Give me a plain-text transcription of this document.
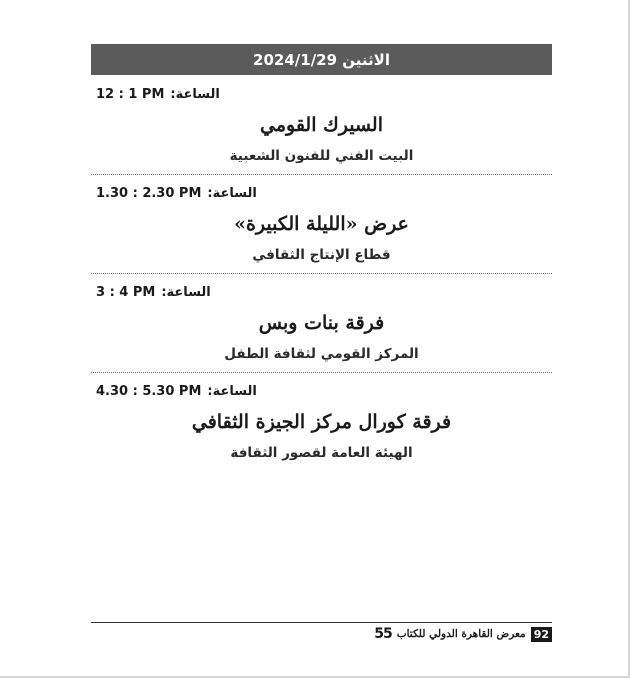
الاثنين 2024/1/29
12 : 1 PM الساعة:
السيرك القومي
البيت الفني للفنون الشعبية
1.30 : 2.30 PM الساعة:
عرض «الليلة الكبيرة»
قطاع الإنتاج الثقافي
3 : 4 PM الساعة:
فرقة بنات وبس
المركز القومي لثقافة الطفل
4.30 : 5.30 PM الساعة:
فرقة كورال مركز الجيزة الثقافي
الهيئة العامة لقصور الثقافة
55 معرض القاهرة الدولي للكتاب 92
